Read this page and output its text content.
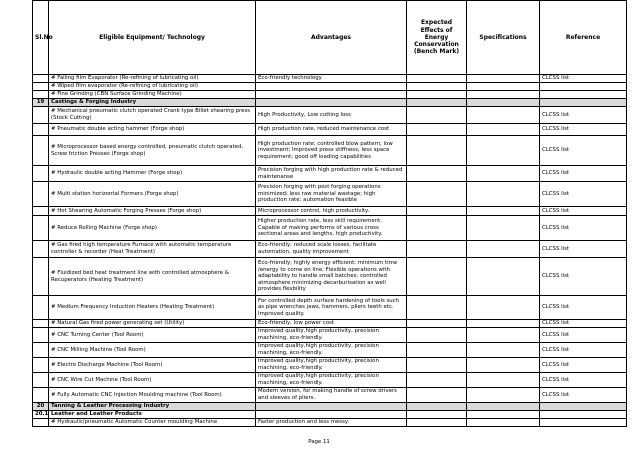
Sl.No	Eligible Equipment/ Technology	Advantages	Expected Effects of Energy Conservation (Bench Mark)	Specifications	Reference
	# Falling film Evaporator (Re-refining of lubricating oil)	Eco-friendly technology			CLCSS list
	# Wiped film evaporator (Re-refining of lubricating oil)				
	# Fine Grinding (CBN Surface Grinding Machine)				
19	Castings & Forging Industry				
	# Mechanical pneumatic clutch operated Crank type Billet shearing press (Stock Cutting)	High Productivity, Low cutting loss			CLCSS list
	# Pneumatic double acting hammer (Forge shop)	High production rate, reduced maintenance cost			CLCSS list
	# Microprocessor based energy controlled, pneumatic clutch operated, Screw friction Presses (Forge shop)	High production rate; controlled blow pattern; low investment; Improved press stiffness; less space requirement; good off loading capabilities			CLCSS list
	# Hydraulic double acting Hammer (Forge shop)	Precision forging with high production rate & reduced maintenanse			CLCSS list
	# Multi station horizontal Formers (Forge shop)	Precision forging with post forging operations minimized; less raw material wastage; high production rate; automation feasible			CLCSS list
	# Hot Shearing Automatic Forging Presses (Forge shop)	Microprocessor control, high productivity.			CLCSS list
	# Reduce Rolling Machine (Forge shop)	Higher production rate, less skill requirement. Capable of making performs of various cross sectional areas and lengths, high productivity.			CLCSS list
	# Gas fired high temperature Furnace with automatic temperature controller & recorder (Heat Treatment)	Eco-friendly, reduced scale losses, facilitate automation, quality improvement			CLCSS list
	# Fluidized bed heat treatment line with controlled atmosphere & Recuperators (Heating Treatment)	Eco-friendly; highly energy efficient; minimum time /energy to come on line; Flexible operations with adaptability to handle small batches; controlled atmosphere minimizing decarburisation as well provides flexbility			CLCSS list
	# Medium Frequency Induction Heaters (Heating Treatment)	For controlled depth surface hardening of tools such as pipe wrenches jaws, hammers, pliers teeth etc. Improved quality.			CLCSS list
	# Natural Gas fired power generating set (Utility)	Eco-friendly, low power cost			CLCSS list
	# CNC Turning Center (Tool Room)	Improved quality,high productivity, precision machining, eco-friendly.			CLCSS list
	# CNC Milling Machine (Tool Room)	Improved quality,high productivity, precision machining, eco-friendly.			CLCSS list
	# Electro Discharge Machine (Tool Room)	Improved quality,high productivity, precision machining, eco-friendly.			CLCSS list
	# CNC Wire Cut Machine (Tool Room)	Improved quality,high productivity, precision machining, eco-friendly.			CLCSS list
	# Fully Automatic CNC Injection Moulding machine (Tool Room)	Modern version, for making handle of screw drivers and sleeves of pliers.			CLCSS list
20	Tanning & Leather Processing Industry				
20.1	Leather and Leather Products				
	# Hydraulic/pneumatic Automatic Counter moulding Machine	Faster production and less messy.			
Page 11
